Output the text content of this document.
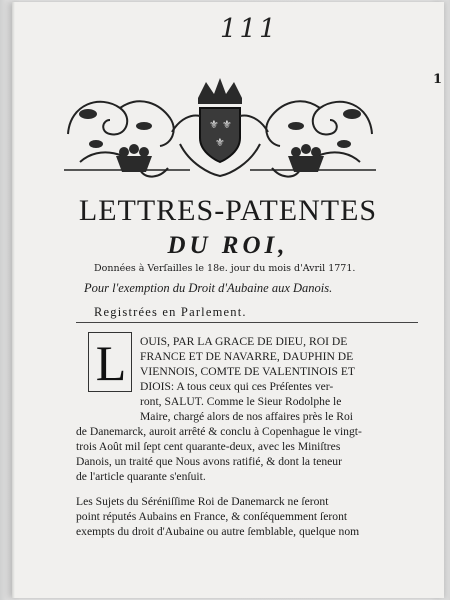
111
1
⚜ ⚜
⚜
LETTRES-PATENTES
DU ROI,
Données à Verſailles le 18e. jour du mois d'Avril 1771.
Pour l'exemption du Droit d'Aubaine aux Danois.
Registrées en Parlement.
L	OUIS, PAR LA GRACE DE DIEU, ROI DE
FRANCE ET DE NAVARRE, DAUPHIN DE
VIENNOIS, COMTE DE VALENTINOIS ET
DIOIS: A tous ceux qui ces Préſentes ver-
ront, SALUT. Comme le Sieur Rodolphe le
Maire, chargé alors de nos affaires près le Roi
de Danemarck, auroit arrêté & conclu à Copenhague le vingt-
trois Août mil ſept cent quarante-deux, avec les Miniſtres
Danois, un traité que Nous avons ratifié, & dont la teneur
de l'article quarante s'enſuit.
Les Sujets du Séréniſſime Roi de Danemarck ne ſeront
point réputés Aubains en France, & conſéquemment ſeront
exempts du droit d'Aubaine ou autre ſemblable, quelque nom
